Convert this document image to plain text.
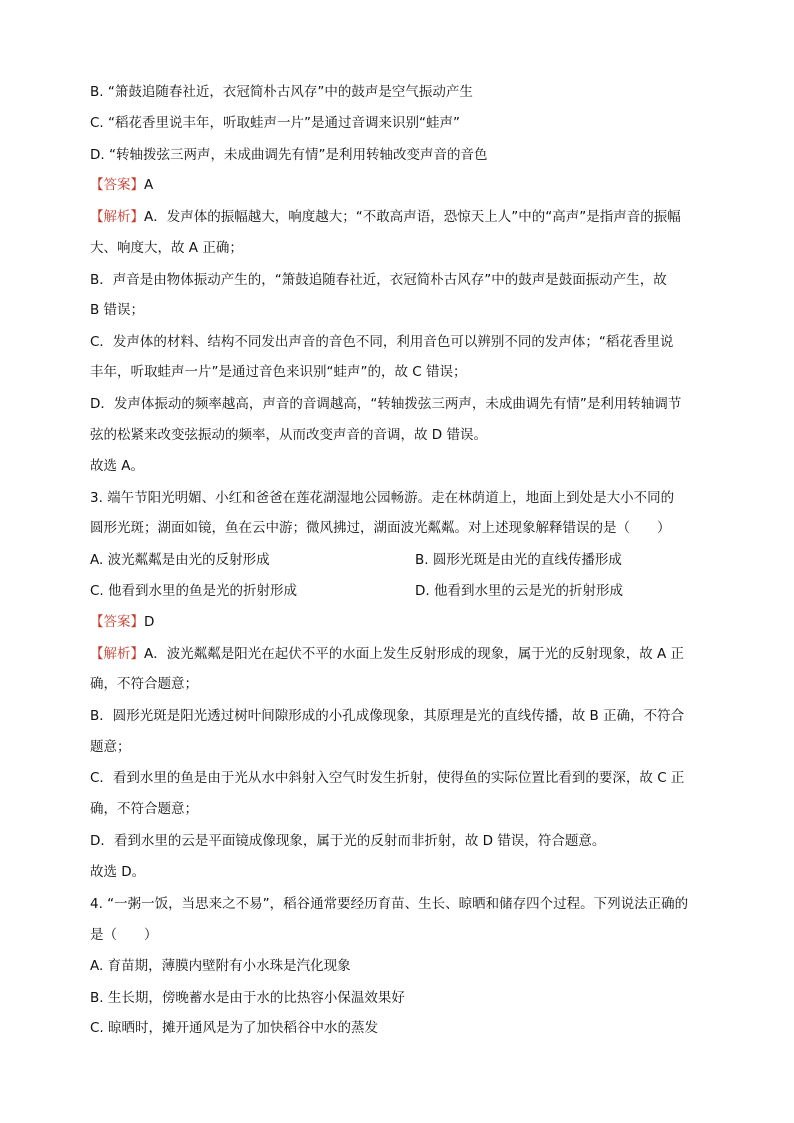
B. “箫鼓追随春社近，衣冠简朴古风存”中的鼓声是空气振动产生
C. “稻花香里说丰年，听取蛙声一片”是通过音调来识别“蛙声”
D. “转轴拨弦三两声，未成曲调先有情”是利用转轴改变声音的音色
【答案】A
【解析】A．发声体的振幅越大，响度越大；“不敢高声语，恐惊天上人”中的“高声”是指声音的振幅
大、响度大，故 A 正确；
B．声音是由物体振动产生的，“箫鼓追随春社近，衣冠简朴古风存”中的鼓声是鼓面振动产生，故
B 错误；
C．发声体的材料、结构不同发出声音的音色不同，利用音色可以辨别不同的发声体；“稻花香里说
丰年，听取蛙声一片”是通过音色来识别“蛙声”的，故 C 错误；
D．发声体振动的频率越高，声音的音调越高，“转轴拨弦三两声，未成曲调先有情”是利用转轴调节
弦的松紧来改变弦振动的频率，从而改变声音的音调，故 D 错误。
故选 A。
3. 端午节阳光明媚、小红和爸爸在莲花湖湿地公园畅游。走在林荫道上，地面上到处是大小不同的
圆形光斑；湖面如镜，鱼在云中游；微风拂过，湖面波光粼粼。对上述现象解释错误的是（　　）
A. 波光粼粼是由光的反射形成	B. 圆形光斑是由光的直线传播形成
C. 他看到水里的鱼是光的折射形成	D. 他看到水里的云是光的折射形成
【答案】D
【解析】A．波光粼粼是阳光在起伏不平的水面上发生反射形成的现象，属于光的反射现象，故 A 正
确，不符合题意；
B．圆形光斑是阳光透过树叶间隙形成的小孔成像现象，其原理是光的直线传播，故 B 正确，不符合
题意；
C．看到水里的鱼是由于光从水中斜射入空气时发生折射，使得鱼的实际位置比看到的要深，故 C 正
确，不符合题意；
D．看到水里的云是平面镜成像现象，属于光的反射而非折射，故 D 错误，符合题意。
故选 D。
4. “一粥一饭，当思来之不易”，稻谷通常要经历育苗、生长、晾晒和储存四个过程。下列说法正确的
是（　　）
A. 育苗期，薄膜内壁附有小水珠是汽化现象
B. 生长期，傍晚蓄水是由于水的比热容小保温效果好
C. 晾晒时，摊开通风是为了加快稻谷中水的蒸发
